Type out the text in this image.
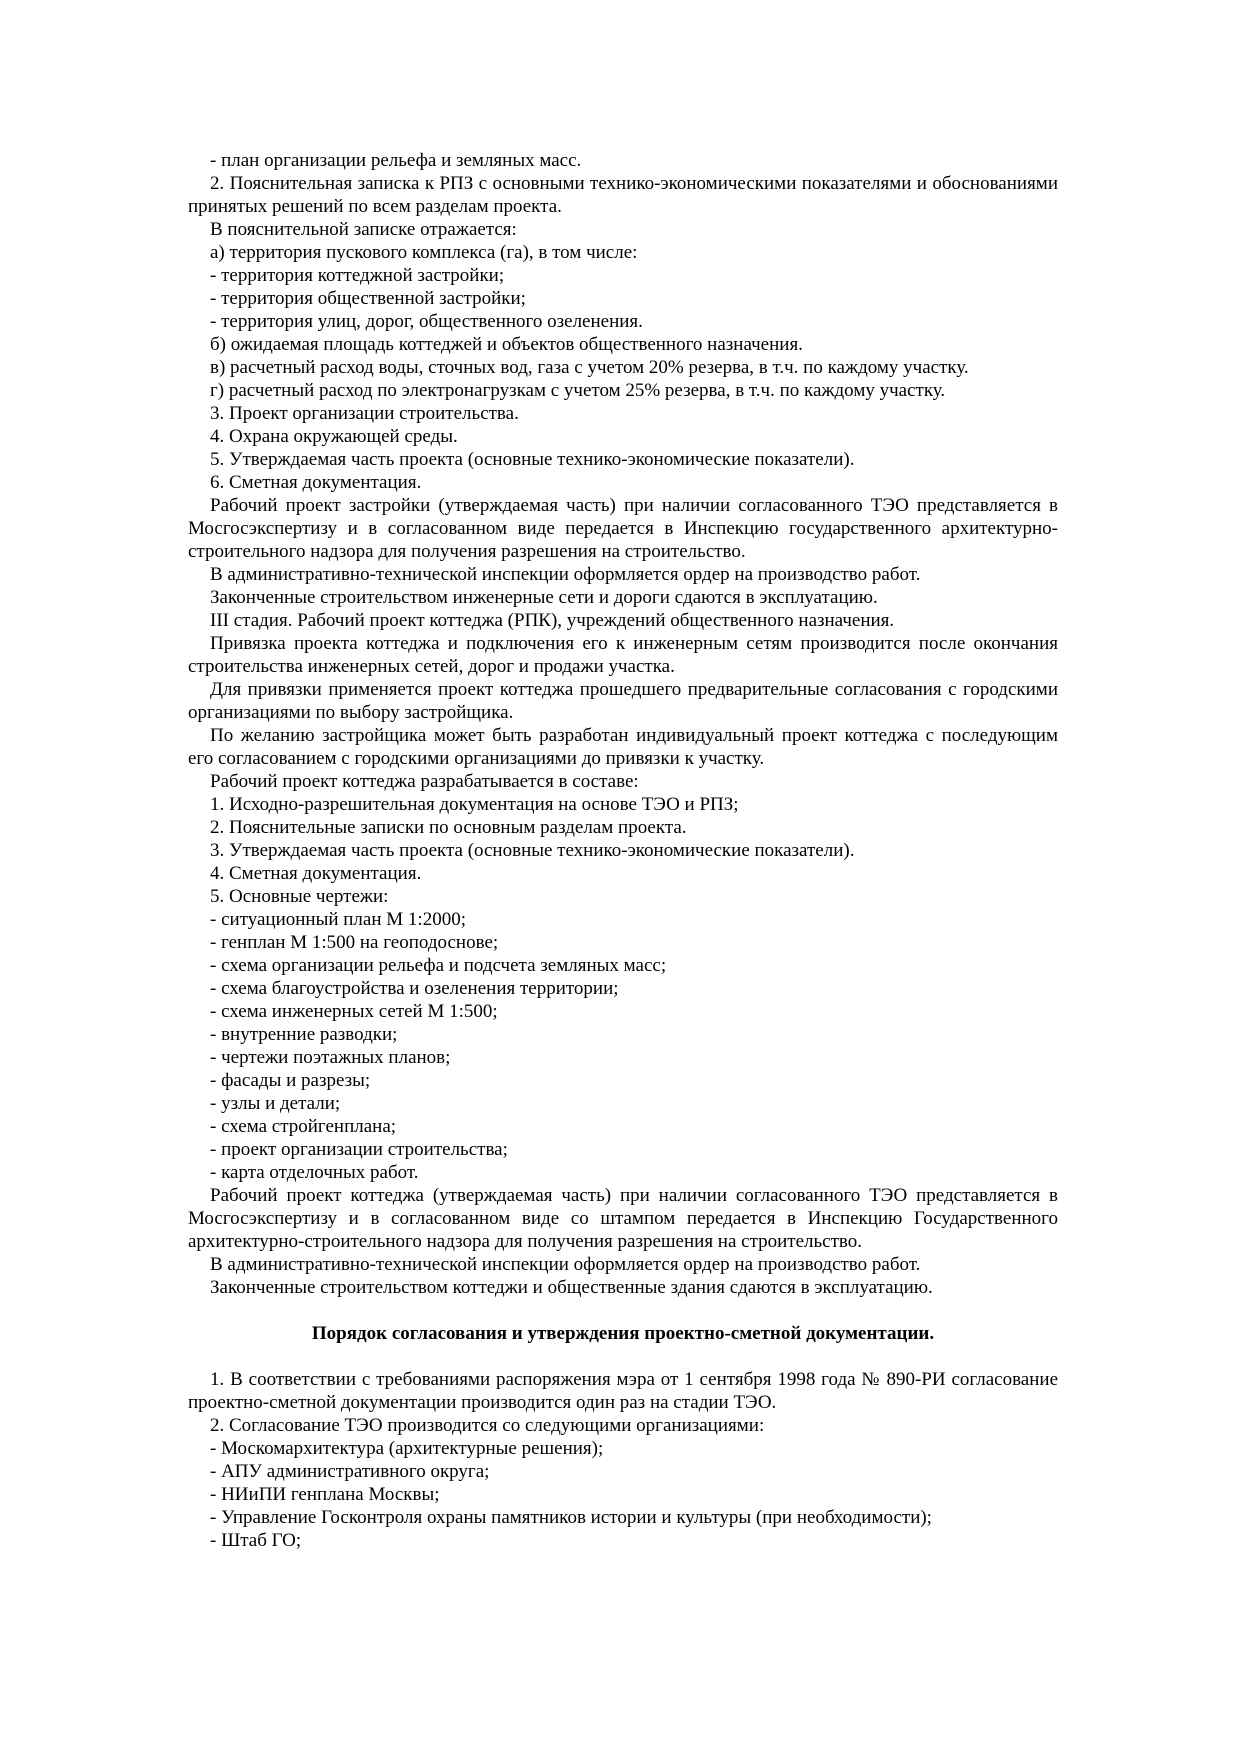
- план организации рельефа и земляных масс.

2. Пояснительная записка к РПЗ с основными технико-экономическими показателями и обоснованиями принятых решений по всем разделам проекта.

В пояснительной записке отражается:

а) территория пускового комплекса (га), в том числе:

- территория коттеджной застройки;

- территория общественной застройки;

- территория улиц, дорог, общественного озеленения.

б) ожидаемая площадь коттеджей и объектов общественного назначения.

в) расчетный расход воды, сточных вод, газа с учетом 20% резерва, в т.ч. по каждому участку.

г) расчетный расход по электронагрузкам с учетом 25% резерва, в т.ч. по каждому участку.

3. Проект организации строительства.

4. Охрана окружающей среды.

5. Утверждаемая часть проекта (основные технико-экономические показатели).

6. Сметная документация.

Рабочий проект застройки (утверждаемая часть) при наличии согласованного ТЭО представляется в Мосгосэкспертизу и в согласованном виде передается в Инспекцию государственного архитектурно-строительного надзора для получения разрешения на строительство.

В административно-технической инспекции оформляется ордер на производство работ.

Законченные строительством инженерные сети и дороги сдаются в эксплуатацию.

III стадия. Рабочий проект коттеджа (РПК), учреждений общественного назначения.

Привязка проекта коттеджа и подключения его к инженерным сетям производится после окончания строительства инженерных сетей, дорог и продажи участка.

Для привязки применяется проект коттеджа прошедшего предварительные согласования с городскими организациями по выбору застройщика.

По желанию застройщика может быть разработан индивидуальный проект коттеджа с последующим его согласованием с городскими организациями до привязки к участку.

Рабочий проект коттеджа разрабатывается в составе:

1. Исходно-разрешительная документация на основе ТЭО и РПЗ;

2. Пояснительные записки по основным разделам проекта.

3. Утверждаемая часть проекта (основные технико-экономические показатели).

4. Сметная документация.

5. Основные чертежи:

- ситуационный план М 1:2000;

- генплан М 1:500 на геоподоснове;

- схема организации рельефа и подсчета земляных масс;

- схема благоустройства и озеленения территории;

- схема инженерных сетей М 1:500;

- внутренние разводки;

- чертежи поэтажных планов;

- фасады и разрезы;

- узлы и детали;

- схема стройгенплана;

- проект организации строительства;

- карта отделочных работ.

Рабочий проект коттеджа (утверждаемая часть) при наличии согласованного ТЭО представляется в Мосгосэкспертизу и в согласованном виде со штампом передается в Инспекцию Государственного архитектурно-строительного надзора для получения разрешения на строительство.

В административно-технической инспекции оформляется ордер на производство работ.

Законченные строительством коттеджи и общественные здания сдаются в эксплуатацию.

Порядок согласования и утверждения проектно-сметной документации.

1. В соответствии с требованиями распоряжения мэра от 1 сентября 1998 года № 890-РИ согласование проектно-сметной документации производится один раз на стадии ТЭО.

2. Согласование ТЭО производится со следующими организациями:

- Москомархитектура (архитектурные решения);

- АПУ административного округа;

- НИиПИ генплана Москвы;

- Управление Госконтроля охраны памятников истории и культуры (при необходимости);

- Штаб ГО;
